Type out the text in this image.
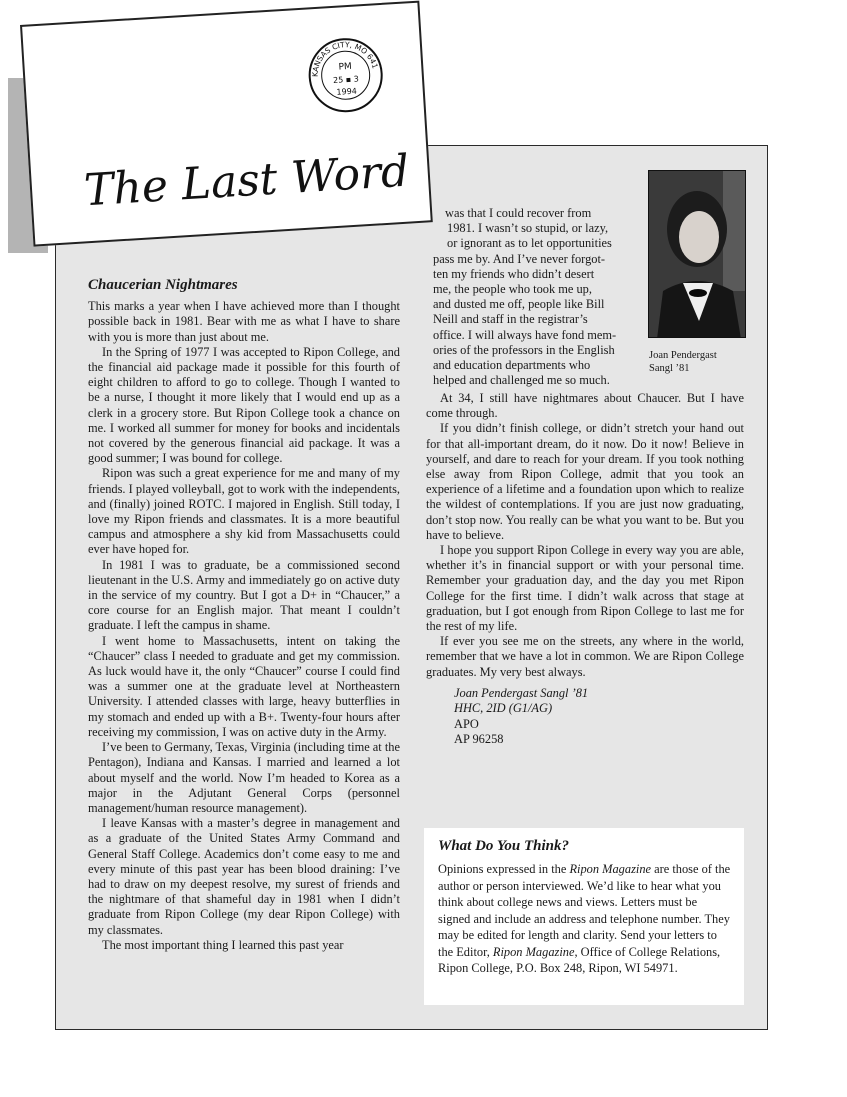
PM
25 ▪ 3
1994
KANSAS CITY, MO 641
The Last Word
Chaucerian Nightmares

This marks a year when I have achieved more than I thought possible back in 1981. Bear with me as what I have to share with you is more than just about me.

In the Spring of 1977 I was accepted to Ripon College, and the financial aid package made it possible for this fourth of eight children to afford to go to college. Though I wanted to be a nurse, I thought it more likely that I would end up as a clerk in a grocery store. But Ripon College took a chance on me. I worked all summer for money for books and incidentals not covered by the generous financial aid package. It was a good summer; I was bound for college.

Ripon was such a great experience for me and many of my friends. I played volleyball, got to work with the independents, and (finally) joined ROTC. I majored in English. Still today, I love my Ripon friends and classmates. It is a more beautiful campus and atmosphere a shy kid from Massachusetts could ever have hoped for.

In 1981 I was to graduate, be a commissioned second lieutenant in the U.S. Army and immediately go on active duty in the service of my country. But I got a D+ in “Chaucer,” a core course for an English major. That meant I couldn’t graduate. I left the campus in shame.

I went home to Massachusetts, intent on taking the “Chaucer” class I needed to graduate and get my commission. As luck would have it, the only “Chaucer” course I could find was a summer one at the graduate level at Northeastern University. I attended classes with large, heavy butterflies in my stomach and ended up with a B+. Twenty-four hours after receiving my commission, I was on active duty in the Army.

I’ve been to Germany, Texas, Virginia (including time at the Pentagon), Indiana and Kansas. I married and learned a lot about myself and the world. Now I’m headed to Korea as a major in the Adjutant General Corps (personnel management/human resource management).

I leave Kansas with a master’s degree in management and as a graduate of the United States Army Command and General Staff College. Academics don’t come easy to me and every minute of this past year has been blood draining: I’ve had to draw on my deepest resolve, my surest of friends and the nightmare of that shameful day in 1981 when I didn’t graduate from Ripon College (my dear Ripon College) with my classmates.

The most important thing I learned this past year

was that I could recover from

1981. I wasn’t so stupid, or lazy,

or ignorant as to let opportunities

pass me by. And I’ve never forgot-

ten my friends who didn’t desert

me, the people who took me up,

and dusted me off, people like Bill

Neill and staff in the registrar’s

office. I will always have fond mem-

ories of the professors in the English

and education departments who

helped and challenged me so much.

Joan Pendergast
Sangl ’81

At 34, I still have nightmares about Chaucer. But I have come through.

If you didn’t finish college, or didn’t stretch your hand out for that all-important dream, do it now. Do it now! Believe in yourself, and dare to reach for your dream. If you took nothing else away from Ripon College, admit that you took an experience of a lifetime and a foundation upon which to realize the wildest of contemplations. If you are just now graduating, don’t stop now. You really can be what you want to be. But you have to believe.

I hope you support Ripon College in every way you are able, whether it’s in financial support or with your personal time. Remember your graduation day, and the day you met Ripon College for the first time. I didn’t walk across that stage at graduation, but I got enough from Ripon College to last me for the rest of my life.

If ever you see me on the streets, any where in the world, remember that we have a lot in common. We are Ripon College graduates. My very best always.

Joan Pendergast Sangl ’81
HHC, 2ID (G1/AG)
APO
AP 96258
What Do You Think?

Opinions expressed in the Ripon Magazine are those of the author or person interviewed. We’d like to hear what you think about college news and views. Letters must be signed and include an address and telephone number. They may be edited for length and clarity. Send your letters to the Editor, Ripon Magazine, Office of College Relations, Ripon College, P.O. Box 248, Ripon, WI 54971.
